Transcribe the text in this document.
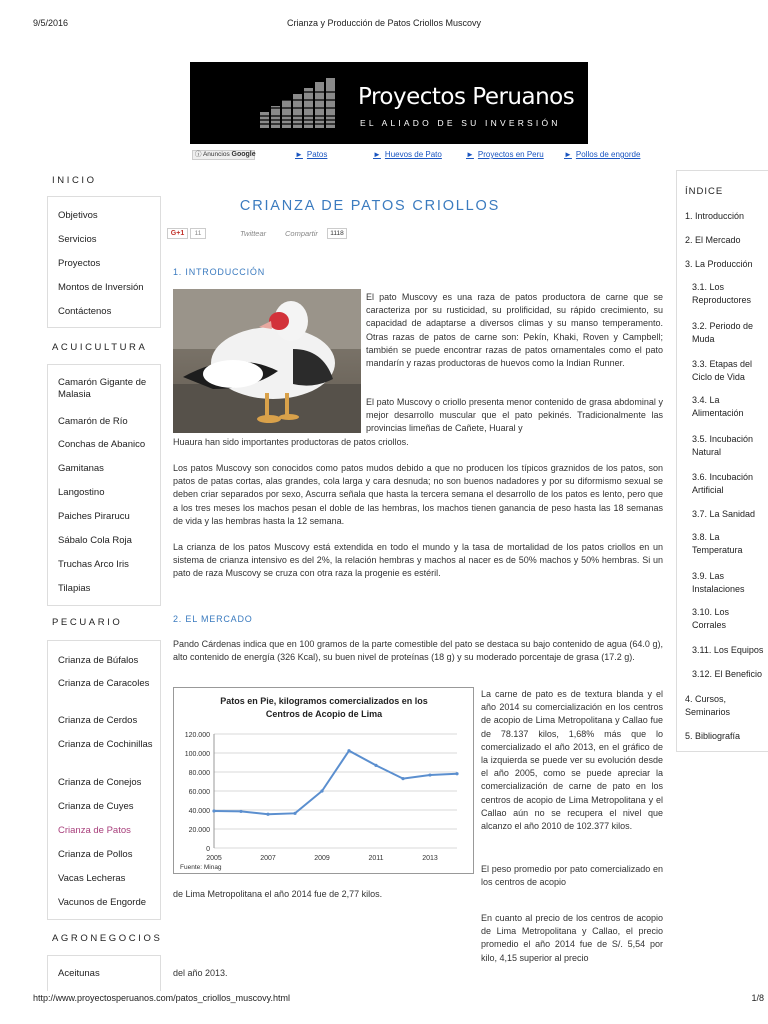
9/5/2016	Crianza y Producción de Patos Criollos Muscovy
http://www.proyectosperuanos.com/patos_criollos_muscovy.html	1/8
Proyectos Peruanos
EL ALIADO DE SU INVERSIÓN
ⓘ Anuncios Google	► Patos	► Huevos de Pato	► Proyectos en Peru	► Pollos de engorde
INICIO
Objetivos
Servicios
Proyectos
Montos de Inversión
Contáctenos
ACUICULTURA
Camarón Gigante de Malasia
Camarón de Río
Conchas de Abanico
Gamitanas
Langostino
Paiches Pirarucu
Sábalo Cola Roja
Truchas Arco Iris
Tilapias
PECUARIO
Crianza de Búfalos
Crianza de Caracoles
Crianza de Cerdos
Crianza de Cochinillas
Crianza de Conejos
Crianza de Cuyes
Crianza de Patos
Crianza de Pollos
Vacas Lecheras
Vacunos de Engorde
AGRONEGOCIOS
Aceitunas
CRIANZA DE PATOS CRIOLLOS
G+1	11	Twittear	Compartir	1118
1. INTRODUCCIÓN
El pato Muscovy es una raza de patos productora de carne que se caracteriza por su rusticidad, su prolificidad, su rápido crecimiento, su capacidad de adaptarse a diversos climas y su manso temperamento. Otras razas de patos de carne son: Pekín, Khaki, Roven y Campbell; también se puede encontrar razas de patos ornamentales como el pato mandarín y razas productoras de huevos como la Indian Runner.
El pato Muscovy o criollo presenta menor contenido de grasa abdominal y mejor desarrollo muscular que el pato pekinés. Tradicionalmente las provincias limeñas de Cañete, Huaral y
Huaura han sido importantes productoras de patos criollos.
Los patos Muscovy son conocidos como patos mudos debido a que no producen los típicos graznidos de los patos, son patos de patas cortas, alas grandes, cola larga y cara desnuda; no son buenos nadadores y por su diformismo sexual se deben criar separados por sexo, Ascurra señala que hasta la tercera semana el desarrollo de los patos es lento, pero que a los tres meses los machos pesan el doble de las hembras, los machos tienen ganancia de peso hasta las 18 semanas de vida y las hembras hasta la 12 semana.
La crianza de los patos Muscovy está extendida en todo el mundo y la tasa de mortalidad de los patos criollos en un sistema de crianza intensivo es del 2%, la relación hembras y machos al nacer es de 50% machos y 50% hembras. Si un pato de raza Muscovy se cruza con otra raza la progenie es estéril.
2. EL MERCADO
Pando Cárdenas indica que en 100 gramos de la parte comestible del pato se destaca su bajo contenido de agua (64.0 g), alto contenido de energía (326 Kcal), su buen nivel de proteínas (18 g) y su moderado porcentaje de grasa (17.2 g).
Patos en Pie, kilogramos comercializados en los
Centros de Acopio de Lima
0
20.000
40.000
60.000
80.000
100.000
120.000
2005	2007	2009	2011	2013
Fuente: Minag
La carne de pato es de textura blanda y el año 2014 su comercialización en los centros de acopio de Lima Metropolitana y Callao fue de 78.137 kilos, 1,68% más que lo comercializado el año 2013, en el gráfico de la izquierda se puede ver su evolución desde el año 2005, como se puede apreciar la comercialización de carne de pato en los centros de acopio de Lima Metropolitana y el Callao aún no se recupera el nivel que alcanzo el año 2010 de 102.377 kilos.
El peso promedio por pato comercializado en los centros de acopio
de Lima Metropolitana el año 2014 fue de 2,77 kilos.
En cuanto al precio de los centros de acopio de Lima Metropolitana y Callao, el precio promedio el año 2014 fue de S/. 5,54 por kilo, 4,15 superior al precio
del año 2013.
ÍNDICE
1. Introducción
2. El Mercado
3. La Producción
3.1. Los
Reproductores
3.2. Periodo de
Muda
3.3. Etapas del
Ciclo de Vida
3.4. La
Alimentación
3.5. Incubación
Natural
3.6. Incubación
Artificial
3.7. La Sanidad
3.8. La
Temperatura
3.9. Las
Instalaciones
3.10. Los
Corrales
3.11. Los Equipos
3.12. El Beneficio
4. Cursos,
Seminarios
5. Bibliografía
